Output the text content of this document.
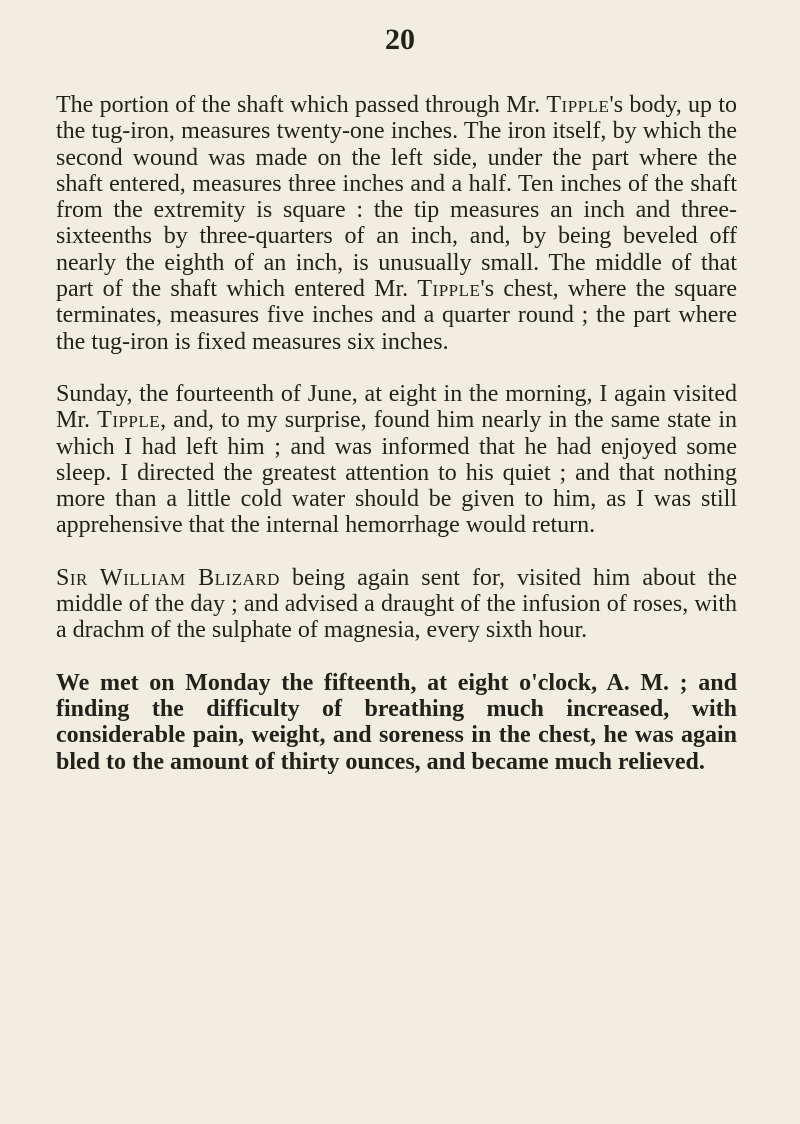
20

The portion of the shaft which passed through Mr. Tipple's body, up to the tug-iron, measures twenty-one inches. The iron itself, by which the second wound was made on the left side, under the part where the shaft entered, measures three inches and a half. Ten inches of the shaft from the extremity is square : the tip measures an inch and three-sixteenths by three-quarters of an inch, and, by being beveled off nearly the eighth of an inch, is unusually small. The middle of that part of the shaft which entered Mr. Tipple's chest, where the square terminates, measures five inches and a quarter round ; the part where the tug-iron is fixed measures six inches.

Sunday, the fourteenth of June, at eight in the morning, I again visited Mr. Tipple, and, to my surprise, found him nearly in the same state in which I had left him ; and was informed that he had enjoyed some sleep. I directed the greatest attention to his quiet ; and that nothing more than a little cold water should be given to him, as I was still apprehensive that the internal hemorrhage would return.

Sir William Blizard being again sent for, visited him about the middle of the day ; and advised a draught of the infusion of roses, with a drachm of the sulphate of magnesia, every sixth hour.

We met on Monday the fifteenth, at eight o'clock, A. M. ; and finding the difficulty of breathing much increased, with considerable pain, weight, and soreness in the chest, he was again bled to the amount of thirty ounces, and became much relieved.
